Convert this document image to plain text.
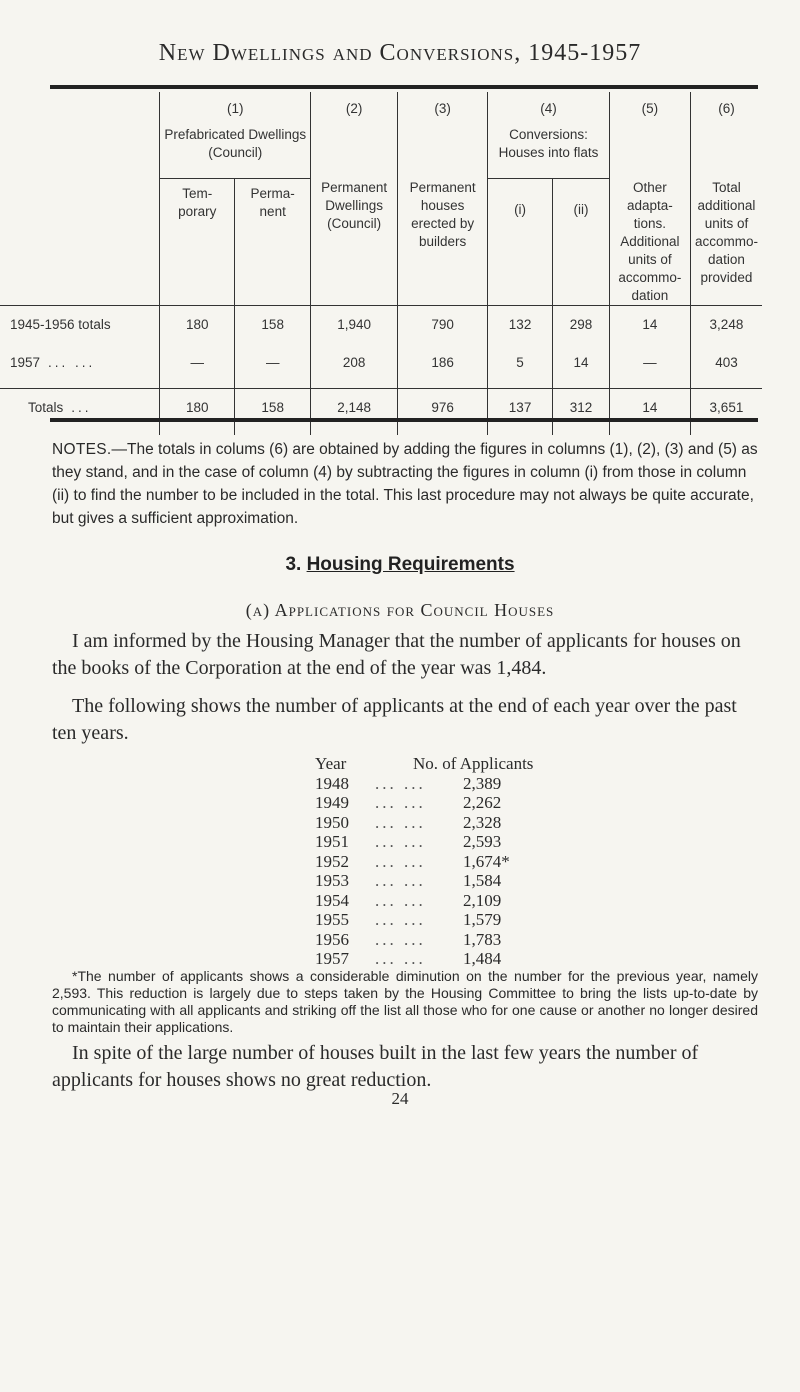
New Dwellings and Conversions, 1945-1957
	(1)		(2)	(3)	(4)		(5)	(6)
	Prefabricated Dwellings (Council)				Conversions: Houses into flats			
	Tem-porary	Perma-nent	Permanent Dwellings (Council)	Permanent houses erected by builders	(i)	(ii)	Other adapta-tions. Additional units of accommo-dation	Total additional units of accommo-dation provided
1945-1956 totals	180	158	1,940	790	132	298	14	3,248
1957 ... ...	—	—	208	186	5	14	—	403
Totals ...	180	158	2,148	976	137	312	14	3,651
NOTES.—The totals in colums (6) are obtained by adding the figures in columns (1), (2), (3) and (5) as they stand, and in the case of column (4) by subtracting the figures in column (i) from those in column (ii) to find the number to be included in the total. This last procedure may not always be quite accurate, but gives a sufficient approximation.
3. Housing Requirements
(a) Applications for Council Houses
I am informed by the Housing Manager that the number of applicants for houses on the books of the Corporation at the end of the year was 1,484.
The following shows the number of applicants at the end of each year over the past ten years.
Year	No. of Applicants	
1948	... ...	2,389
1949	... ...	2,262
1950	... ...	2,328
1951	... ...	2,593
1952	... ...	1,674*
1953	... ...	1,584
1954	... ...	2,109
1955	... ...	1,579
1956	... ...	1,783
1957	... ...	1,484
*The number of applicants shows a considerable diminution on the number for the previous year, namely 2,593. This reduction is largely due to steps taken by the Housing Committee to bring the lists up-to-date by communicating with all applicants and striking off the list all those who for one cause or another no longer desired to maintain their applications.
In spite of the large number of houses built in the last few years the number of applicants for houses shows no great reduction.
24
